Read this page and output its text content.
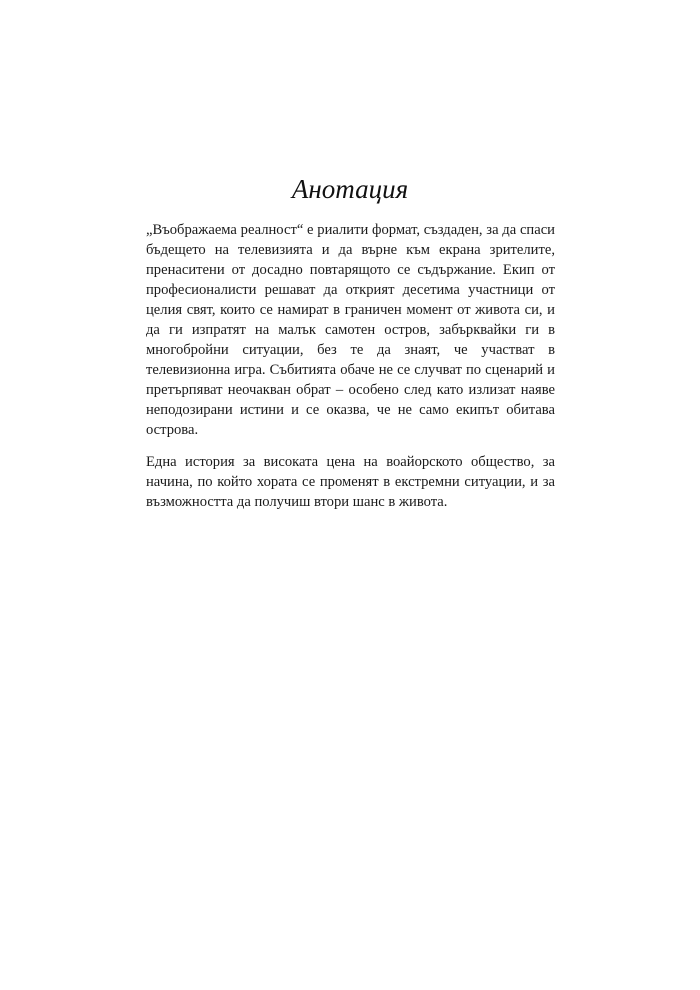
Анотация

„Въображаема реалност“ е риалити формат, създаден, за да спаси бъдещето на телевизията и да върне към екрана зрителите, пренаситени от досадно повтарящото се съдържание. Екип от професионалисти решават да открият десетима участници от целия свят, които се намират в граничен момент от живота си, и да ги изпратят на малък самотен остров, забърквайки ги в многобройни ситуации, без те да знаят, че участват в телевизионна игра. Събитията обаче не се случват по сценарий и претърпяват неочакван обрат – особено след като излизат наяве неподозирани истини и се оказва, че не само екипът обитава острова.

Една история за високата цена на воайорското общество, за начина, по който хората се променят в екстремни ситуации, и за възможността да получиш втори шанс в живота.
